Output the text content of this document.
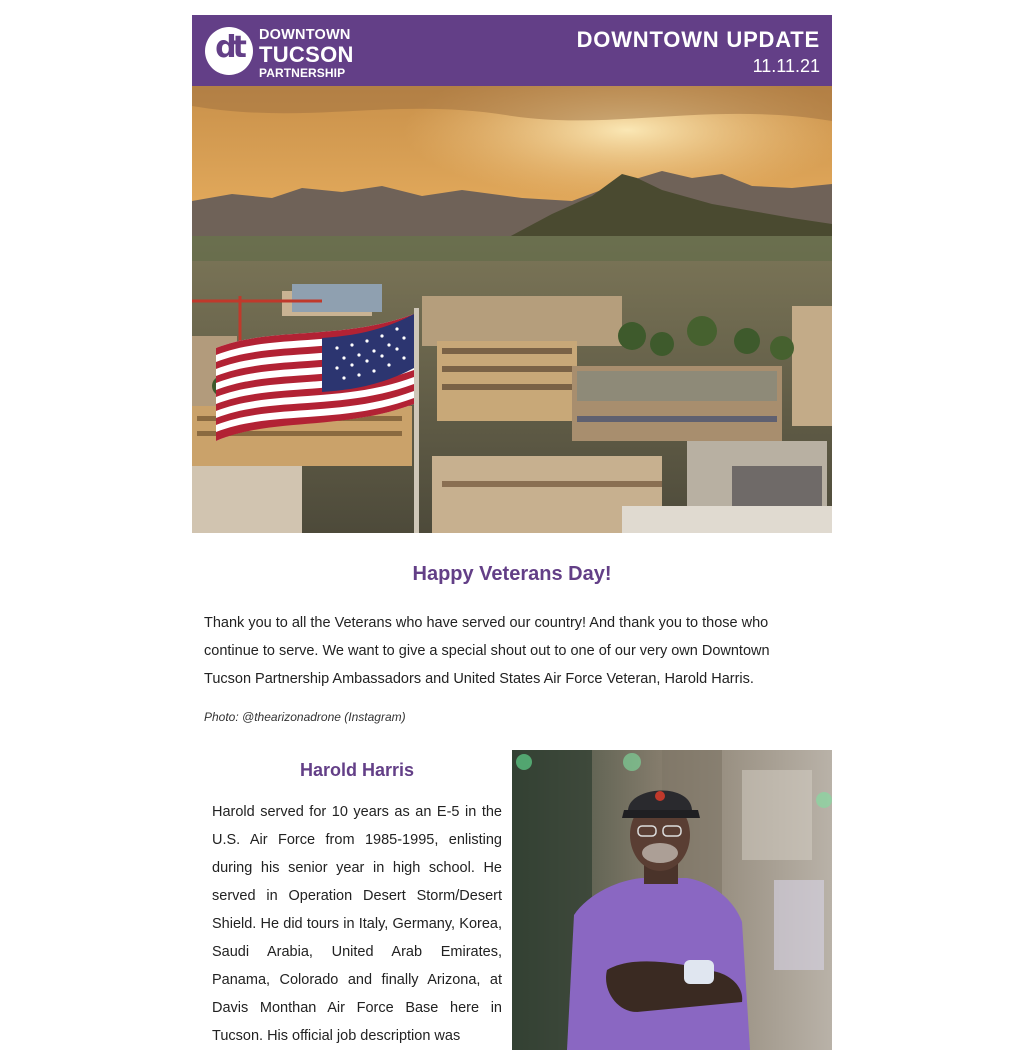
dt	DOWNTOWN
TUCSON
PARTNERSHIP
DOWNTOWN UPDATE
11.11.21
Happy Veterans Day!
Thank you to all the Veterans who have served our country! And thank you to those who continue to serve. We want to give a special shout out to one of our very own Downtown Tucson Partnership Ambassadors and United States Air Force Veteran, Harold Harris.
Photo: @thearizonadrone (Instagram)
Harold Harris
Harold served for 10 years as an E-5 in the U.S. Air Force from 1985-1995, enlisting during his senior year in high school. He served in Operation Desert Storm/Desert Shield. He did tours in Italy, Germany, Korea, Saudi Arabia, United Arab Emirates, Panama, Colorado and finally Arizona, at Davis Monthan Air Force Base here in Tucson. His official job description was
